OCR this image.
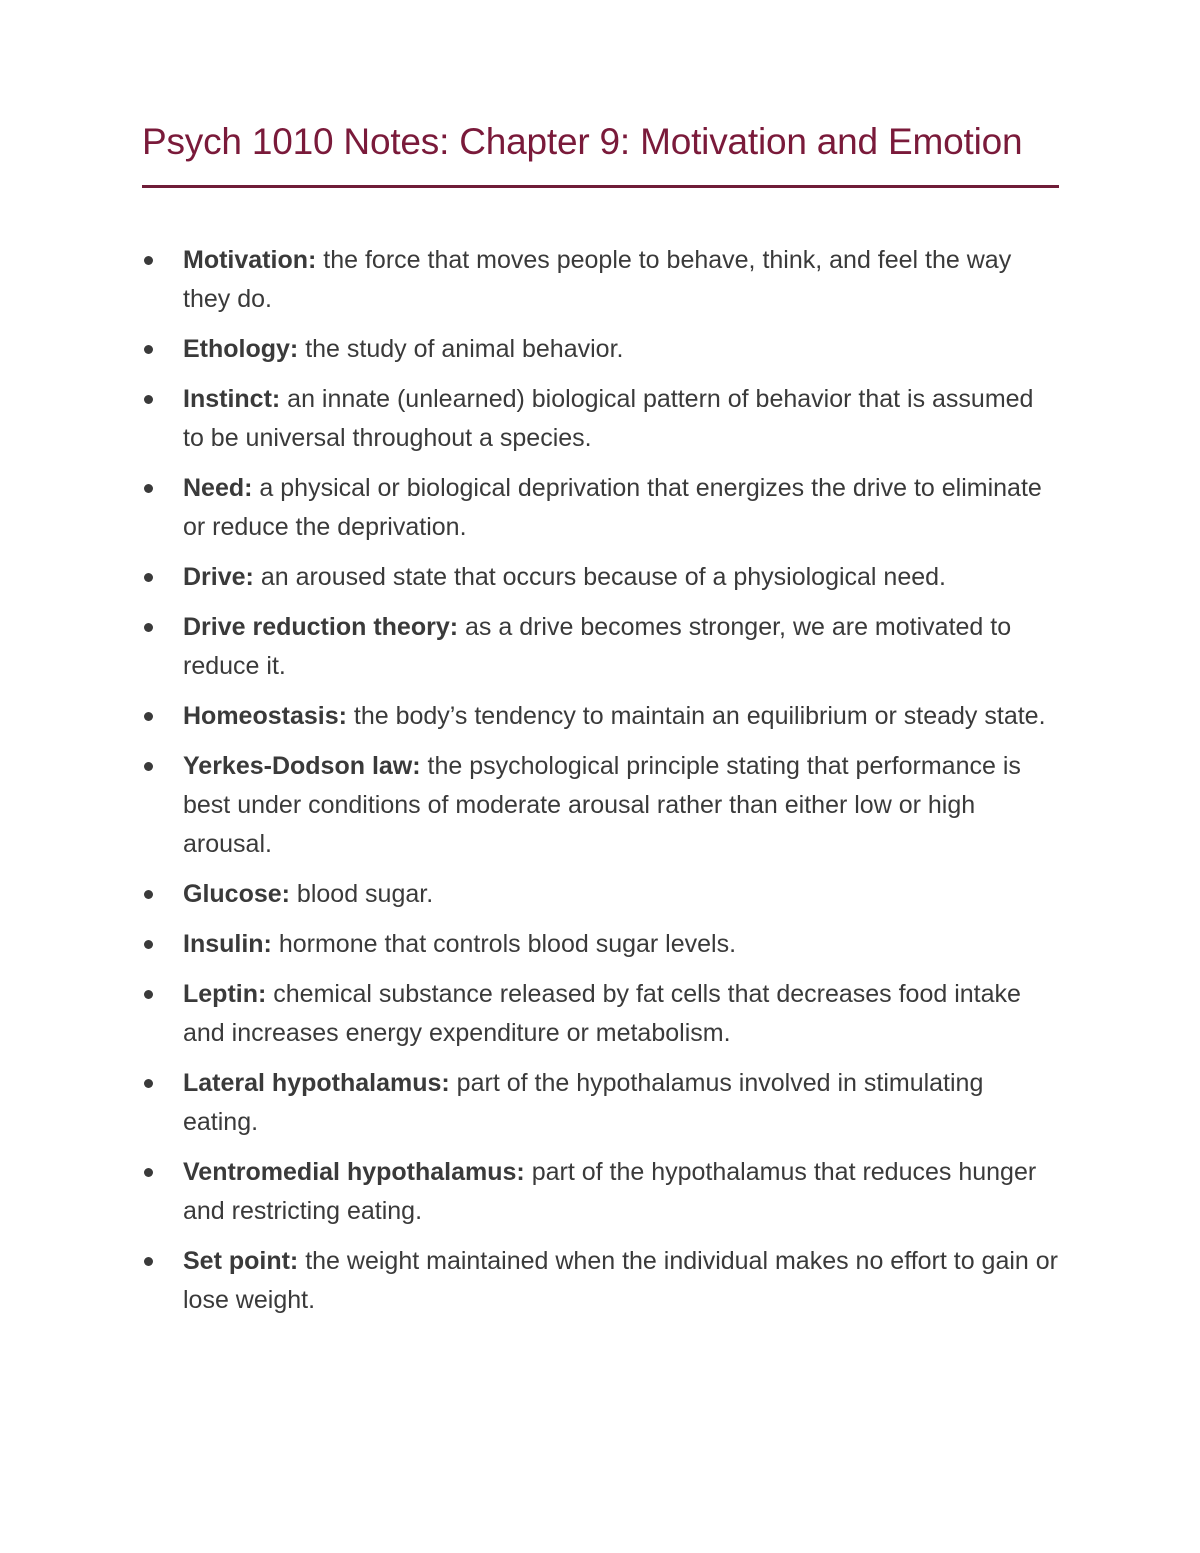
Psych 1010 Notes: Chapter 9: Motivation and Emotion
Motivation: the force that moves people to behave, think, and feel the way they do.
Ethology: the study of animal behavior.
Instinct: an innate (unlearned) biological pattern of behavior that is assumed to be universal throughout a species.
Need: a physical or biological deprivation that energizes the drive to eliminate or reduce the deprivation.
Drive: an aroused state that occurs because of a physiological need.
Drive reduction theory: as a drive becomes stronger, we are motivated to reduce it.
Homeostasis: the body’s tendency to maintain an equilibrium or steady state.
Yerkes-Dodson law: the psychological principle stating that performance is best under conditions of moderate arousal rather than either low or high arousal.
Glucose: blood sugar.
Insulin: hormone that controls blood sugar levels.
Leptin: chemical substance released by fat cells that decreases food intake and increases energy expenditure or metabolism.
Lateral hypothalamus: part of the hypothalamus involved in stimulating eating.
Ventromedial hypothalamus: part of the hypothalamus that reduces hunger and restricting eating.
Set point: the weight maintained when the individual makes no effort to gain or lose weight.
